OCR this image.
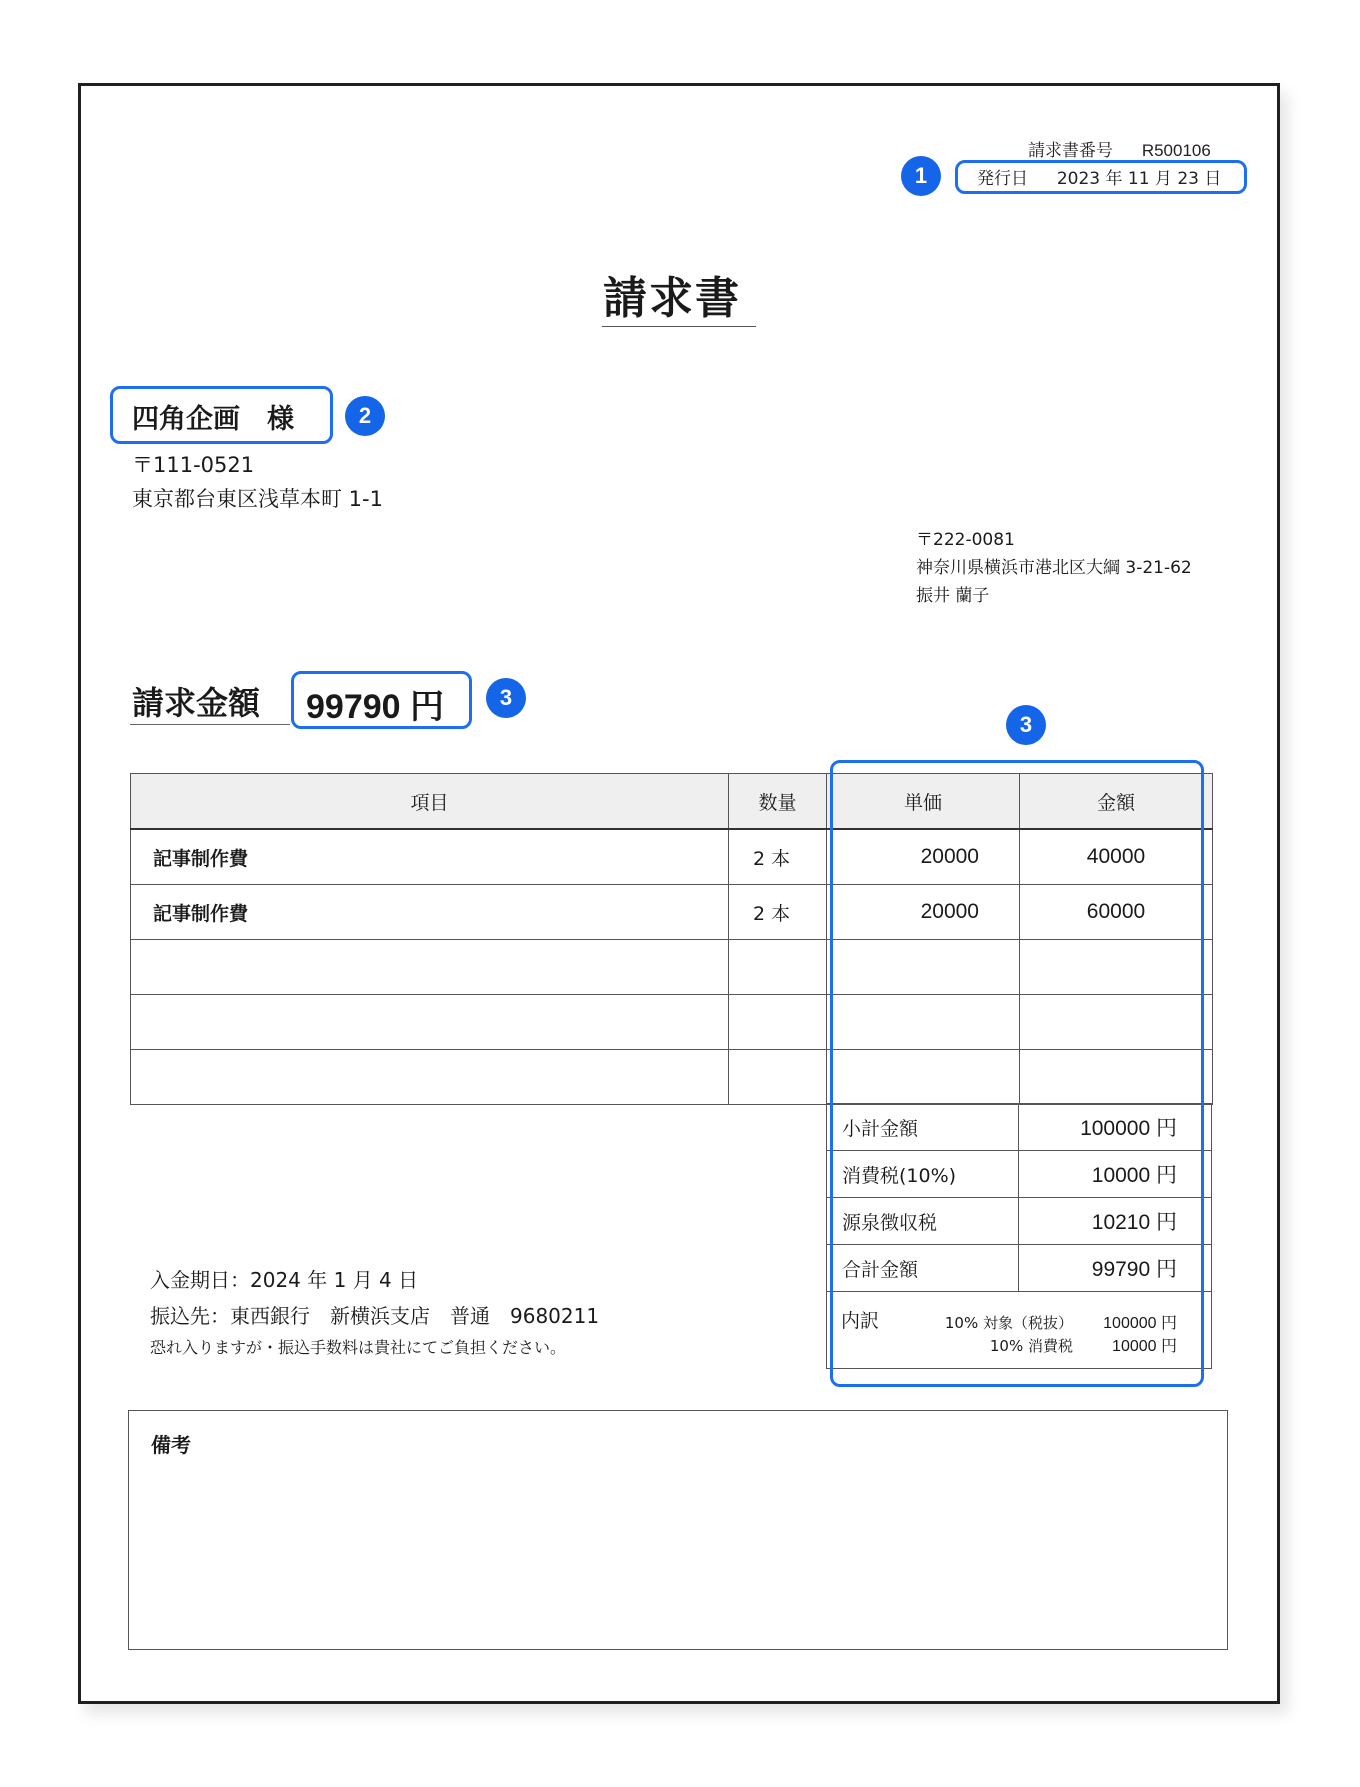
請求書番号 R500106
1	発行日 2023 年 11 月 23 日
請求書
四角企画　様	2
〒111-0521
東京都台東区浅草本町 1-1
〒222-0081
神奈川県横浜市港北区大綱 3-21-62
振井 蘭子
請求金額 99790 円	3
3
項目	数量	単価	金額
記事制作費	2 本	20000	40000
記事制作費	2 本	20000	60000

小計金額	100000 円
消費税(10%)	10000 円
源泉徴収税	10210 円
合計金額	99790 円

内訳 10% 対象（税抜） 100000 円
10% 消費税 10000 円	
入金期日：2024 年 1 月 4 日
振込先：東西銀行　新横浜支店　普通　9680211
恐れ入りますが・振込手数料は貴社にてご負担ください。
備考
